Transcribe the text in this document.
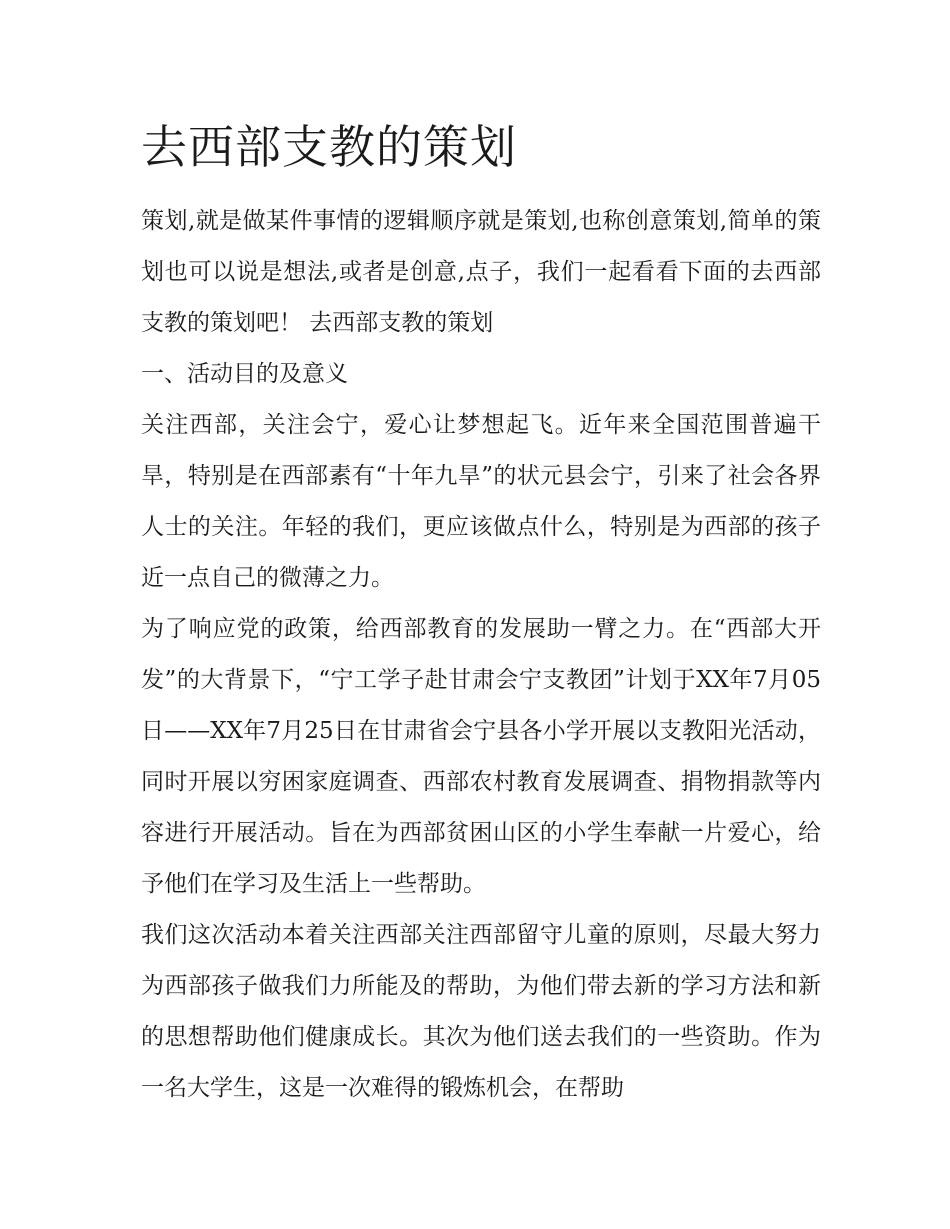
去西部支教的策划

策划,就是做某件事情的逻辑顺序就是策划,也称创意策划,简单的策划也可以说是想法,或者是创意,点子，我们一起看看下面的去西部支教的策划吧！ 去西部支教的策划

一、活动目的及意义

关注西部，关注会宁，爱心让梦想起飞。近年来全国范围普遍干旱，特别是在西部素有“十年九旱”的状元县会宁，引来了社会各界人士的关注。年轻的我们，更应该做点什么，特别是为西部的孩子近一点自己的微薄之力。

为了响应党的政策，给西部教育的发展助一臂之力。在“西部大开发”的大背景下，“宁工学子赴甘肃会宁支教团”计划于XX年7月05日——XX年7月25日在甘肃省会宁县各小学开展以支教阳光活动，同时开展以穷困家庭调查、西部农村教育发展调查、捐物捐款等内容进行开展活动。旨在为西部贫困山区的小学生奉献一片爱心，给予他们在学习及生活上一些帮助。

我们这次活动本着关注西部关注西部留守儿童的原则，尽最大努力为西部孩子做我们力所能及的帮助，为他们带去新的学习方法和新的思想帮助他们健康成长。其次为他们送去我们的一些资助。作为一名大学生，这是一次难得的锻炼机会，在帮助
